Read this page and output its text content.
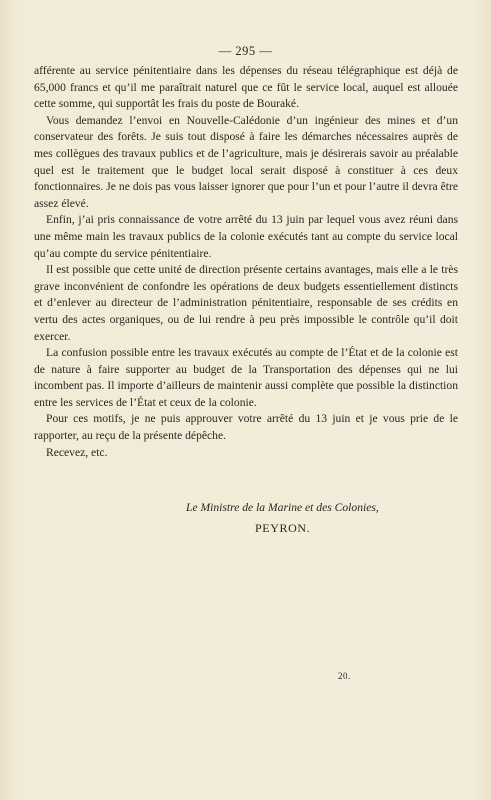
— 295 —

afférente au service pénitentiaire dans les dépenses du réseau télégraphique est déjà de 65,000 francs et qu’il me paraîtrait naturel que ce fût le service local, auquel est allouée cette somme, qui supportât les frais du poste de Bouraké.

Vous demandez l’envoi en Nouvelle-Calédonie d’un ingénieur des mines et d’un conservateur des forêts. Je suis tout disposé à faire les démarches nécessaires auprès de mes collègues des travaux publics et de l’agriculture, mais je désirerais savoir au préalable quel est le traitement que le budget local serait disposé à constituer à ces deux fonctionnaires. Je ne dois pas vous laisser ignorer que pour l’un et pour l’autre il devra être assez élevé.

Enfin, j’ai pris connaissance de votre arrêté du 13 juin par lequel vous avez réuni dans une même main les travaux publics de la colonie exécutés tant au compte du service local qu’au compte du service pénitentiaire.

Il est possible que cette unité de direction présente certains avantages, mais elle a le très grave inconvénient de confondre les opérations de deux budgets essentiellement distincts et d’enlever au directeur de l’administration pénitentiaire, responsable de ses crédits en vertu des actes organiques, ou de lui rendre à peu près impossible le contrôle qu’il doit exercer.

La confusion possible entre les travaux exécutés au compte de l’État et de la colonie est de nature à faire supporter au budget de la Transportation des dépenses qui ne lui incombent pas. Il importe d’ailleurs de maintenir aussi complète que possible la distinction entre les services de l’État et ceux de la colonie.

Pour ces motifs, je ne puis approuver votre arrêté du 13 juin et je vous prie de le rapporter, au reçu de la présente dépêche.

Recevez, etc.

Le Ministre de la Marine et des Colonies,
PEYRON.
20.
